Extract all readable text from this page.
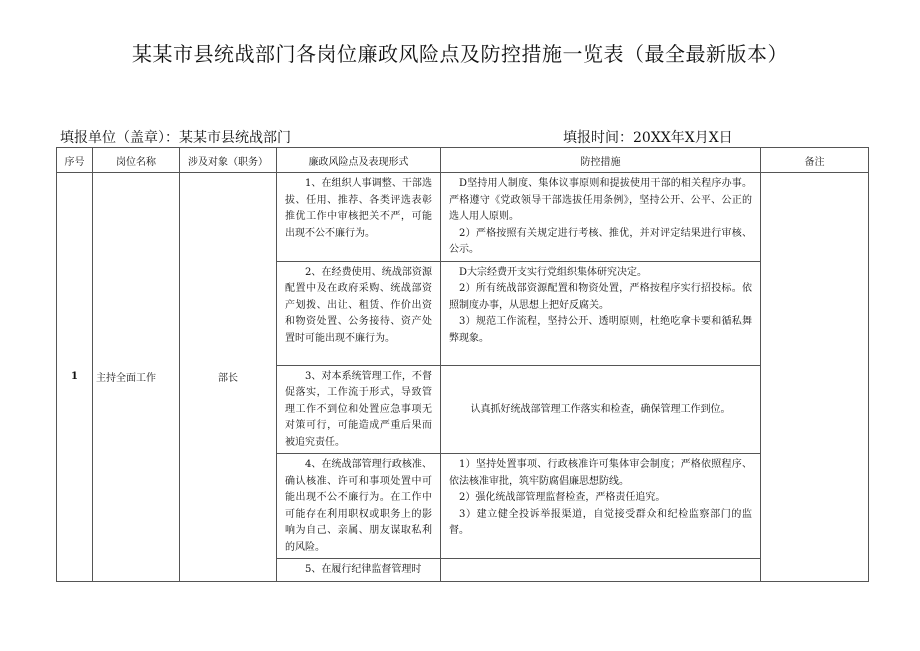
某某市县统战部门各岗位廉政风险点及防控措施一览表（最全最新版本）
填报单位（盖章）：某某市县统战部门	填报时间：20XX年X月X日
序号	岗位名称	涉及对象（职务）	廉政风险点及表现形式	防控措施	备注
1	主持全面工作	部长	1、在组织人事调整、干部选拔、任用、推荐、各类评选表彰推优工作中审核把关不严，可能出现不公不廉行为。	D坚持用人制度、集体议事原则和提拔使用干部的相关程序办事。严格遵守《党政领导干部选拔任用条例》，坚持公开、公平、公正的选人用人原则。
2）严格按照有关规定进行考核、推优，并对评定结果进行审核、公示。	

			2、在经费使用、统战部资源配置中及在政府采购、统战部资产划拨、出让、租赁、作价出资和物资处置、公务接待、资产处置时可能出现不廉行为。	D大宗经费开支实行党组织集体研究决定。
2）所有统战部资源配置和物资处置，严格按程序实行招投标。依照制度办事，从思想上把好反腐关。
3）规范工作流程，坚持公开、透明原则，杜绝吃拿卡要和循私舞弊现象。	

			3、对本系统管理工作，不督促落实，工作流于形式，导致管理工作不到位和处置应急事项无对策可行，可能造成严重后果而被追究责任。	认真抓好统战部管理工作落实和检查，确保管理工作到位。	

			4、在统战部管理行政核准、确认核准、许可和事项处置中可能出现不公不廉行为。在工作中可能存在利用职权或职务上的影响为自己、亲属、朋友谋取私利的风险。	1）坚持处置事项、行政核准许可集体审会制度；严格依照程序、依法核准审批，筑牢防腐倡廉思想防线。
2）强化统战部管理监督检查，严格责任追究。
3）建立健全投诉举报渠道，自觉接受群众和纪检监察部门的监督。	

			5、在履行纪律监督管理时		
